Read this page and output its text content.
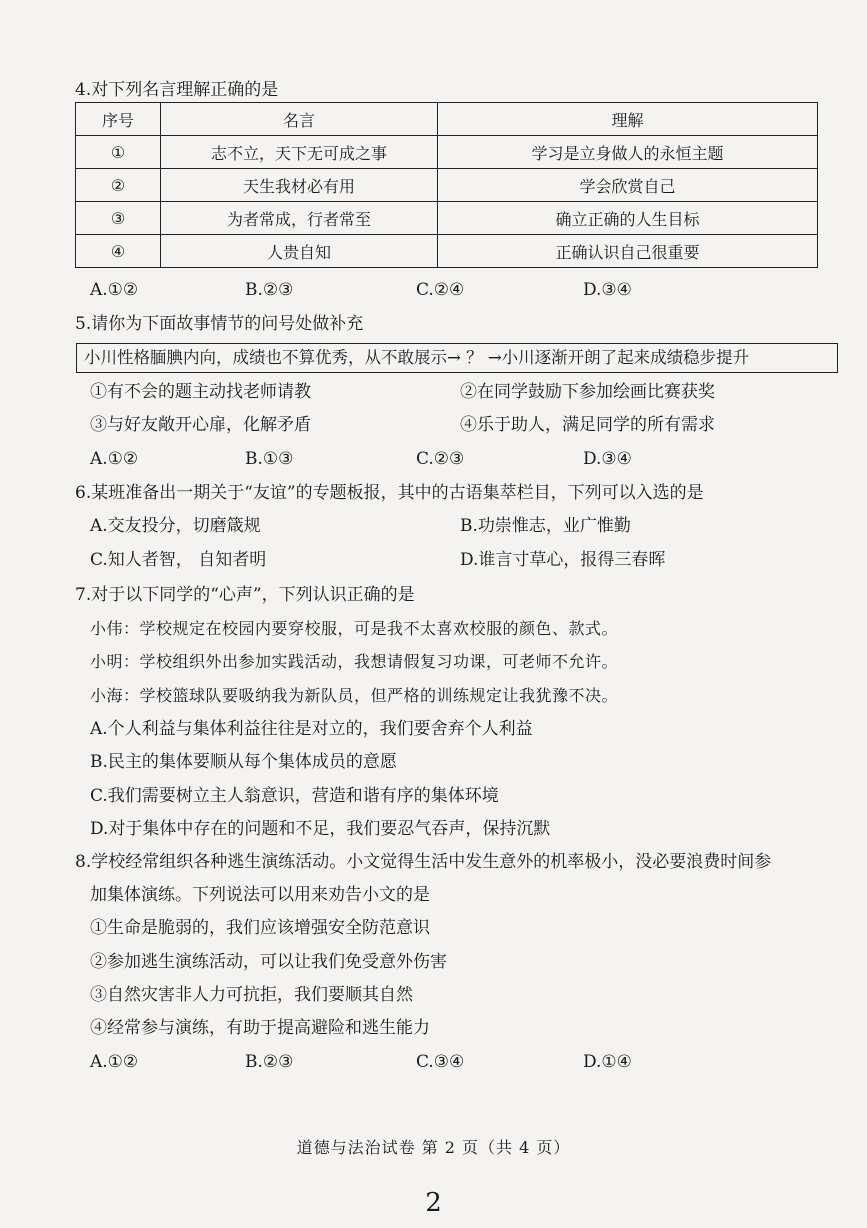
4.对下列名言理解正确的是
序号	名言	理解
①	志不立，天下无可成之事	学习是立身做人的永恒主题
②	天生我材必有用	学会欣赏自己
③	为者常成，行者常至	确立正确的人生目标
④	人贵自知	正确认识自己很重要
A.①②	B.②③	C.②④	D.③④
5.请你为下面故事情节的问号处做补充
小川性格腼腆内向，成绩也不算优秀，从不敢展示→ ？ →小川逐渐开朗了起来成绩稳步提升
①有不会的题主动找老师请教	②在同学鼓励下参加绘画比赛获奖
③与好友敞开心扉，化解矛盾	④乐于助人，满足同学的所有需求
A.①②	B.①③	C.②③	D.③④
6.某班准备出一期关于“友谊”的专题板报，其中的古语集萃栏目，下列可以入选的是
A.交友投分，切磨箴规	B.功崇惟志，业广惟勤
C.知人者智， 自知者明	D.谁言寸草心，报得三春晖
7.对于以下同学的“心声”，下列认识正确的是
小伟：学校规定在校园内要穿校服，可是我不太喜欢校服的颜色、款式。
小明：学校组织外出参加实践活动，我想请假复习功课，可老师不允许。
小海：学校篮球队要吸纳我为新队员，但严格的训练规定让我犹豫不决。
A.个人利益与集体利益往往是对立的，我们要舍弃个人利益
B.民主的集体要顺从每个集体成员的意愿
C.我们需要树立主人翁意识，营造和谐有序的集体环境
D.对于集体中存在的问题和不足，我们要忍气吞声，保持沉默
8.学校经常组织各种逃生演练活动。小文觉得生活中发生意外的机率极小，没必要浪费时间参
加集体演练。下列说法可以用来劝告小文的是
①生命是脆弱的，我们应该增强安全防范意识
②参加逃生演练活动，可以让我们免受意外伤害
③自然灾害非人力可抗拒，我们要顺其自然
④经常参与演练，有助于提高避险和逃生能力
A.①②	B.②③	C.③④	D.①④
道德与法治试卷 第 2 页（共 4 页）
2
